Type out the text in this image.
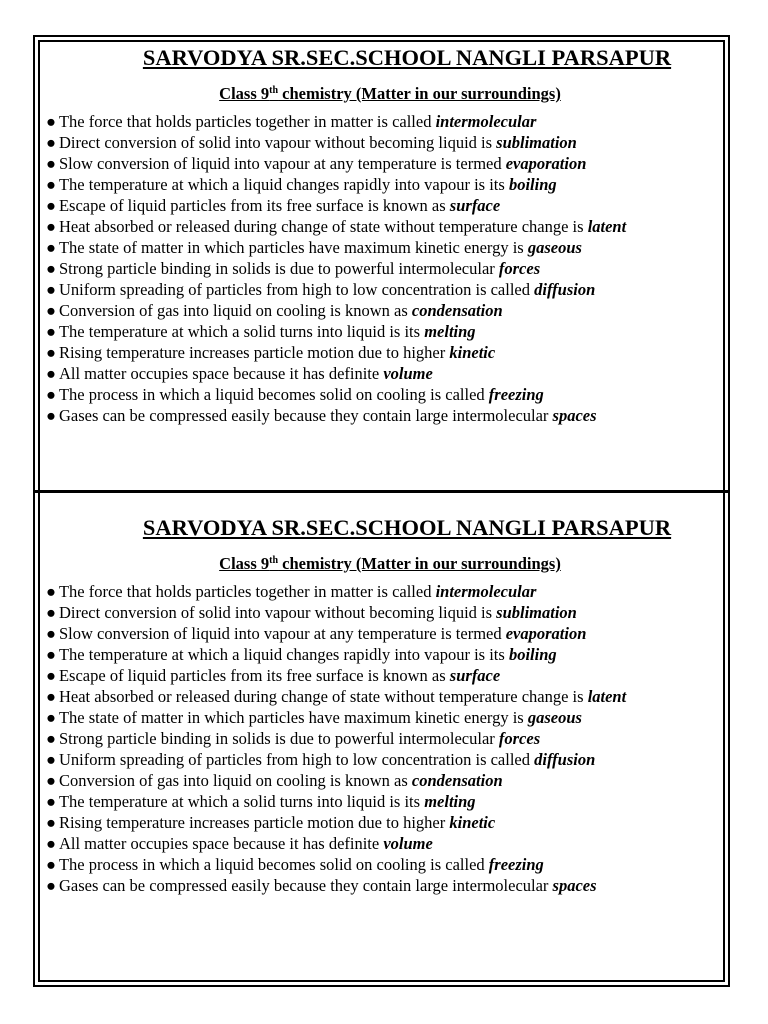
SARVODYA SR.SEC.SCHOOL NANGLI PARSAPUR
Class 9th chemistry (Matter in our surroundings)
● The force that holds particles together in matter is called intermolecular
● Direct conversion of solid into vapour without becoming liquid is sublimation
● Slow conversion of liquid into vapour at any temperature is termed evaporation
● The temperature at which a liquid changes rapidly into vapour is its boiling
● Escape of liquid particles from its free surface is known as surface
● Heat absorbed or released during change of state without temperature change is latent
● The state of matter in which particles have maximum kinetic energy is gaseous
● Strong particle binding in solids is due to powerful intermolecular forces
● Uniform spreading of particles from high to low concentration is called diffusion
● Conversion of gas into liquid on cooling is known as condensation
● The temperature at which a solid turns into liquid is its melting
● Rising temperature increases particle motion due to higher kinetic
● All matter occupies space because it has definite volume
● The process in which a liquid becomes solid on cooling is called freezing
● Gases can be compressed easily because they contain large intermolecular spaces
SARVODYA SR.SEC.SCHOOL NANGLI PARSAPUR
Class 9th chemistry (Matter in our surroundings)
● The force that holds particles together in matter is called intermolecular
● Direct conversion of solid into vapour without becoming liquid is sublimation
● Slow conversion of liquid into vapour at any temperature is termed evaporation
● The temperature at which a liquid changes rapidly into vapour is its boiling
● Escape of liquid particles from its free surface is known as surface
● Heat absorbed or released during change of state without temperature change is latent
● The state of matter in which particles have maximum kinetic energy is gaseous
● Strong particle binding in solids is due to powerful intermolecular forces
● Uniform spreading of particles from high to low concentration is called diffusion
● Conversion of gas into liquid on cooling is known as condensation
● The temperature at which a solid turns into liquid is its melting
● Rising temperature increases particle motion due to higher kinetic
● All matter occupies space because it has definite volume
● The process in which a liquid becomes solid on cooling is called freezing
● Gases can be compressed easily because they contain large intermolecular spaces
